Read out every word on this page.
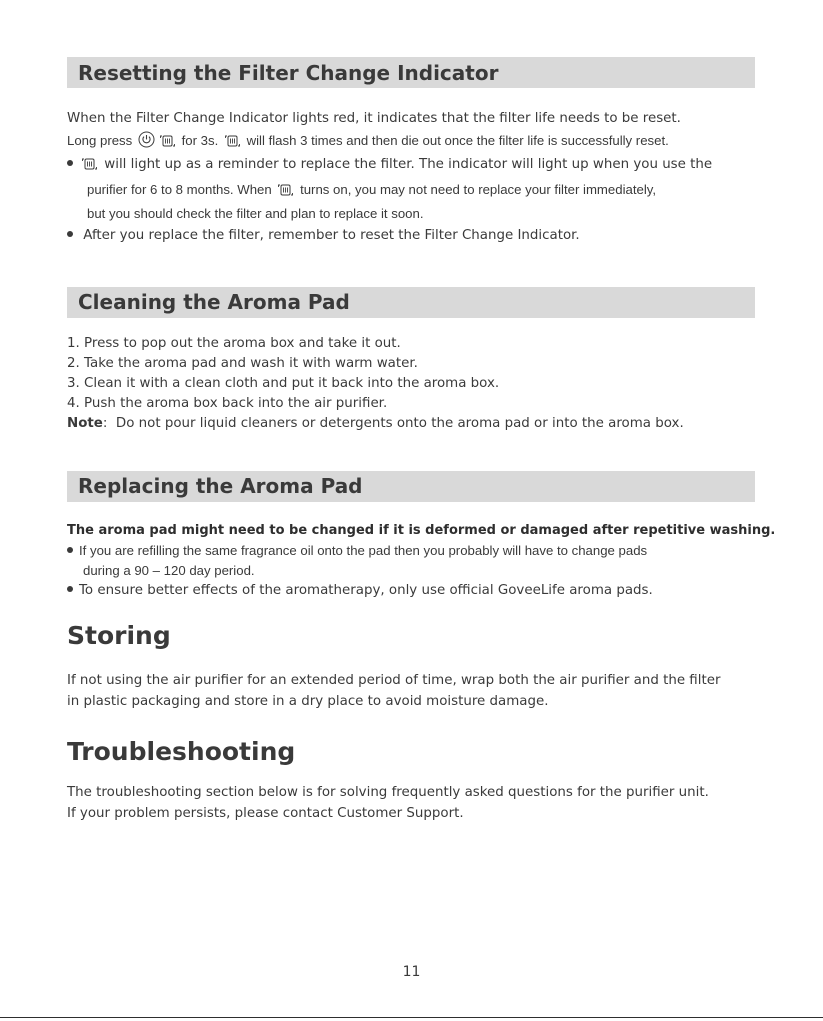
Resetting the Filter Change Indicator
When the Filter Change Indicator lights red, it indicates that the filter life needs to be reset.
Long press	for 3s. will flash 3 times and then die out once the filter life is successfully reset.
will light up as a reminder to replace the filter. The indicator will light up when you use the
purifier for 6 to 8 months. When turns on, you may not need to replace your filter immediately,
but you should check the filter and plan to replace it soon.
After you replace the filter, remember to reset the Filter Change Indicator.
Cleaning the Aroma Pad
1. Press to pop out the aroma box and take it out.
2. Take the aroma pad and wash it with warm water.
3. Clean it with a clean cloth and put it back into the aroma box.
4. Push the aroma box back into the air purifier.
Note: Do not pour liquid cleaners or detergents onto the aroma pad or into the aroma box.
Replacing the Aroma Pad
The aroma pad might need to be changed if it is deformed or damaged after repetitive washing.
If you are refilling the same fragrance oil onto the pad then you probably will have to change pads
during a 90 – 120 day period.
To ensure better effects of the aromatherapy, only use official GoveeLife aroma pads.
Storing
If not using the air purifier for an extended period of time, wrap both the air purifier and the filter
in plastic packaging and store in a dry place to avoid moisture damage.
Troubleshooting
The troubleshooting section below is for solving frequently asked questions for the purifier unit.
If your problem persists, please contact Customer Support.
11
